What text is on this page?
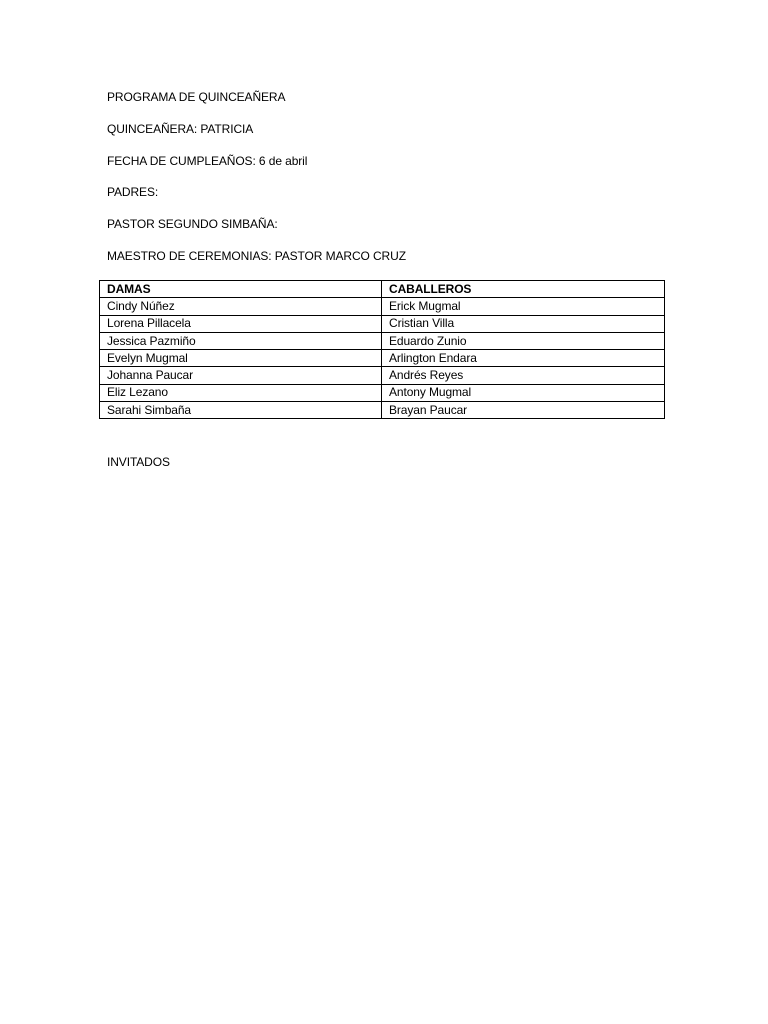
PROGRAMA DE QUINCEAÑERA
QUINCEAÑERA: PATRICIA
FECHA DE CUMPLEAÑOS: 6 de abril
PADRES:
PASTOR SEGUNDO SIMBAÑA:
MAESTRO DE CEREMONIAS: PASTOR MARCO CRUZ
DAMAS	CABALLEROS
Cindy Núñez	Erick Mugmal
Lorena Pillacela	Cristian Villa
Jessica Pazmiño	Eduardo Zunio
Evelyn Mugmal	Arlington Endara
Johanna Paucar	Andrés Reyes
Eliz Lezano	Antony Mugmal
Sarahi Simbaña	Brayan Paucar
INVITADOS
